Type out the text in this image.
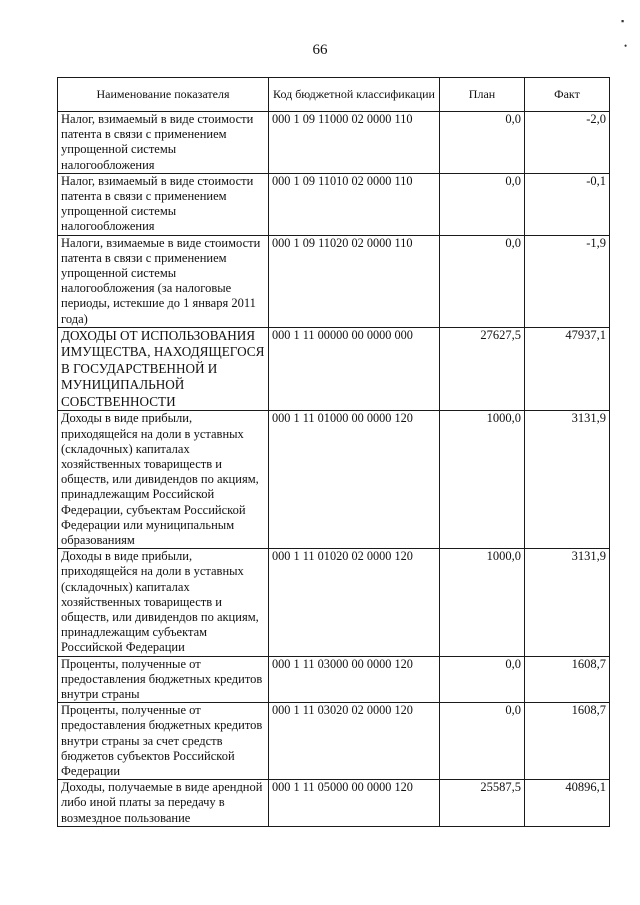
66
▪
•
Наименование показателя	Код бюджетной классификации	План	Факт
Налог, взимаемый в виде стоимости патента в связи с применением упрощенной системы налогообложения	000 1 09 11000 02 0000 110	0,0	-2,0
Налог, взимаемый в виде стоимости патента в связи с применением упрощенной системы налогообложения	000 1 09 11010 02 0000 110	0,0	-0,1
Налоги, взимаемые в виде стоимости патента в связи с применением упрощенной системы налогообложения (за налоговые периоды, истекшие до 1 января 2011 года)	000 1 09 11020 02 0000 110	0,0	-1,9
ДОХОДЫ ОТ ИСПОЛЬЗОВАНИЯ ИМУЩЕСТВА, НАХОДЯЩЕГОСЯ В ГОСУДАРСТВЕННОЙ И МУНИЦИПАЛЬНОЙ СОБСТВЕННОСТИ	000 1 11 00000 00 0000 000	27627,5	47937,1
Доходы в виде прибыли, приходящейся на доли в уставных (складочных) капиталах хозяйственных товариществ и обществ, или дивидендов по акциям, принадлежащим Российской Федерации, субъектам Российской Федерации или муниципальным образованиям	000 1 11 01000 00 0000 120	1000,0	3131,9
Доходы в виде прибыли, приходящейся на доли в уставных (складочных) капиталах хозяйственных товариществ и обществ, или дивидендов по акциям, принадлежащим субъектам Российской Федерации	000 1 11 01020 02 0000 120	1000,0	3131,9
Проценты, полученные от предоставления бюджетных кредитов внутри страны	000 1 11 03000 00 0000 120	0,0	1608,7
Проценты, полученные от предоставления бюджетных кредитов внутри страны за счет средств бюджетов субъектов Российской Федерации	000 1 11 03020 02 0000 120	0,0	1608,7
Доходы, получаемые в виде арендной либо иной платы за передачу в возмездное пользование	000 1 11 05000 00 0000 120	25587,5	40896,1
